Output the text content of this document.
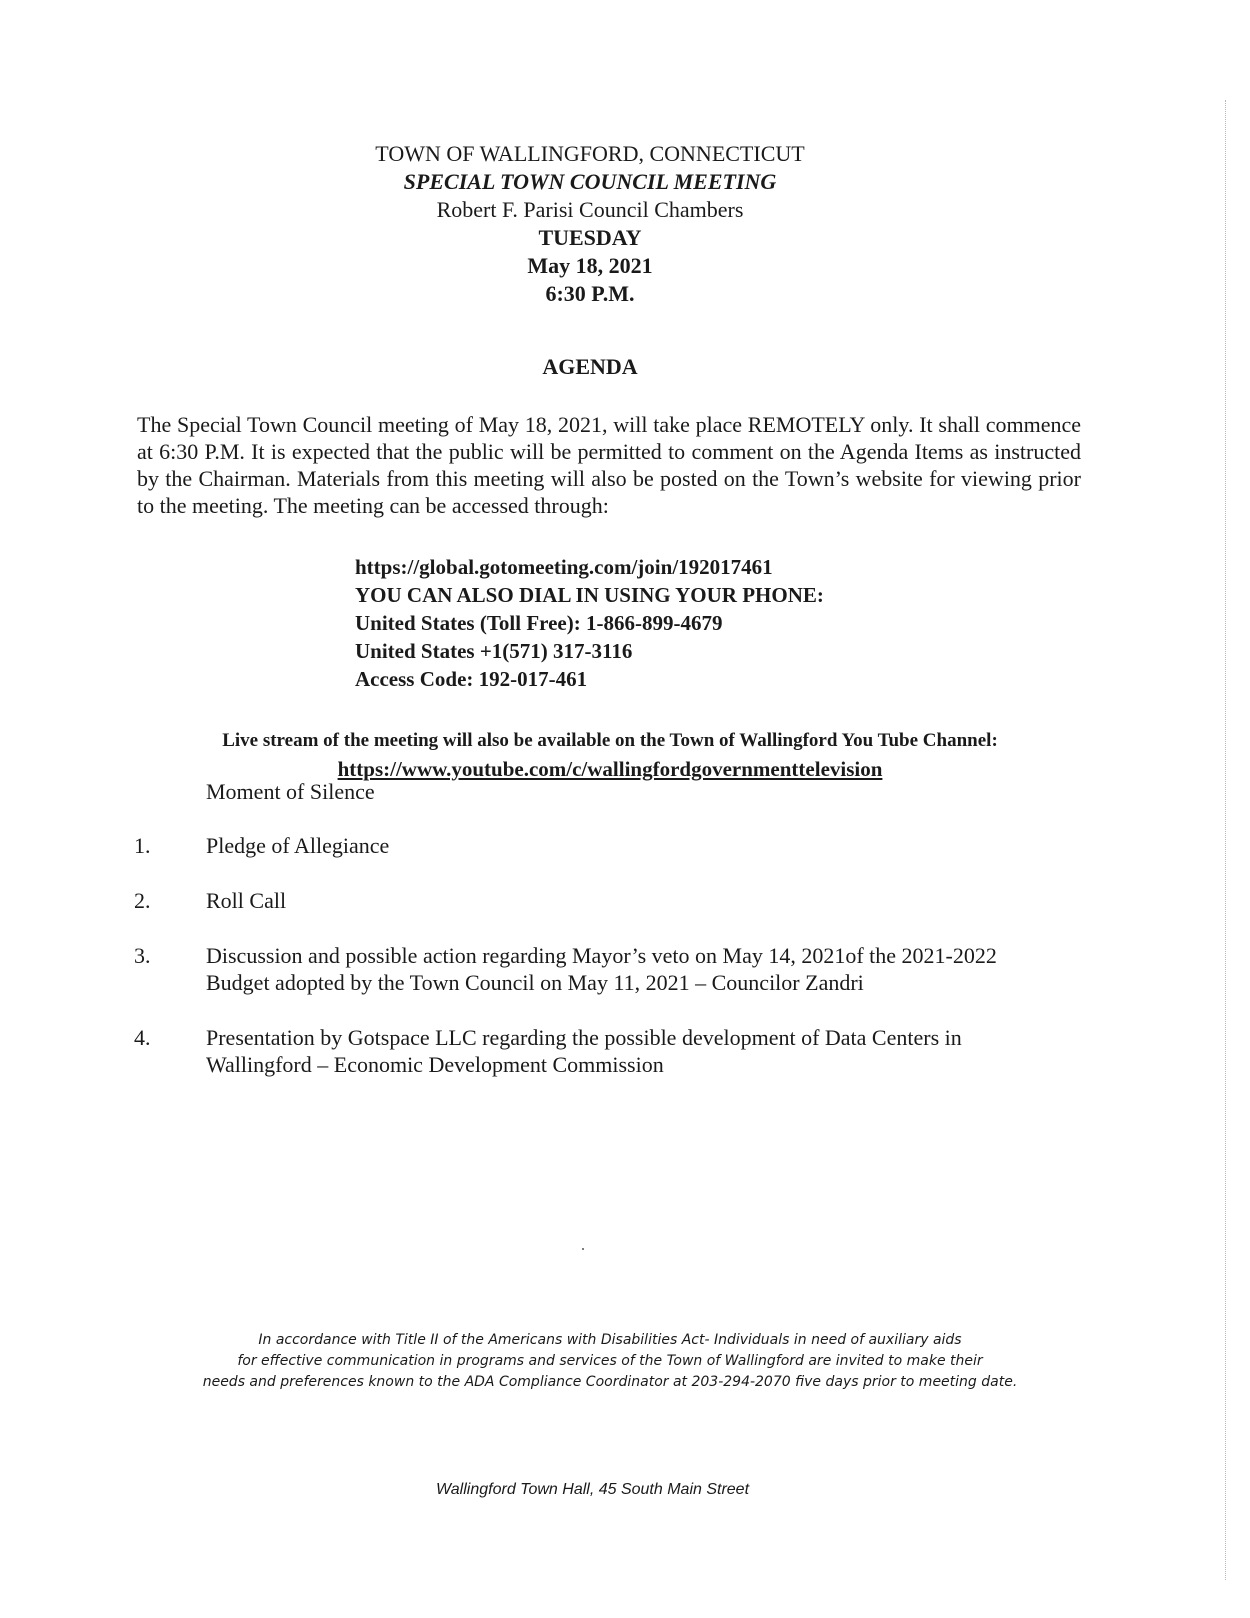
TOWN OF WALLINGFORD, CONNECTICUT
SPECIAL TOWN COUNCIL MEETING
Robert F. Parisi Council Chambers
TUESDAY
May 18, 2021
6:30 P.M.
AGENDA
The Special Town Council meeting of May 18, 2021, will take place REMOTELY only. It shall commence at 6:30 P.M. It is expected that the public will be permitted to comment on the Agenda Items as instructed by the Chairman. Materials from this meeting will also be posted on the Town’s website for viewing prior to the meeting. The meeting can be accessed through:
https://global.gotomeeting.com/join/192017461
YOU CAN ALSO DIAL IN USING YOUR PHONE:
United States (Toll Free): 1-866-899-4679
United States +1(571) 317-3116
Access Code: 192-017-461
Live stream of the meeting will also be available on the Town of Wallingford You Tube Channel:
https://www.youtube.com/c/wallingfordgovernmenttelevision
Moment of Silence
1.	Pledge of Allegiance
2.	Roll Call
3.	Discussion and possible action regarding Mayor’s veto on May 14, 2021of the 2021-2022
Budget adopted by the Town Council on May 11, 2021 – Councilor Zandri
4.	Presentation by Gotspace LLC regarding the possible development of Data Centers in
Wallingford – Economic Development Commission
In accordance with Title II of the Americans with Disabilities Act- Individuals in need of auxiliary aids
for effective communication in programs and services of the Town of Wallingford are invited to make their
needs and preferences known to the ADA Compliance Coordinator at 203-294-2070 five days prior to meeting date.
Wallingford Town Hall, 45 South Main Street
